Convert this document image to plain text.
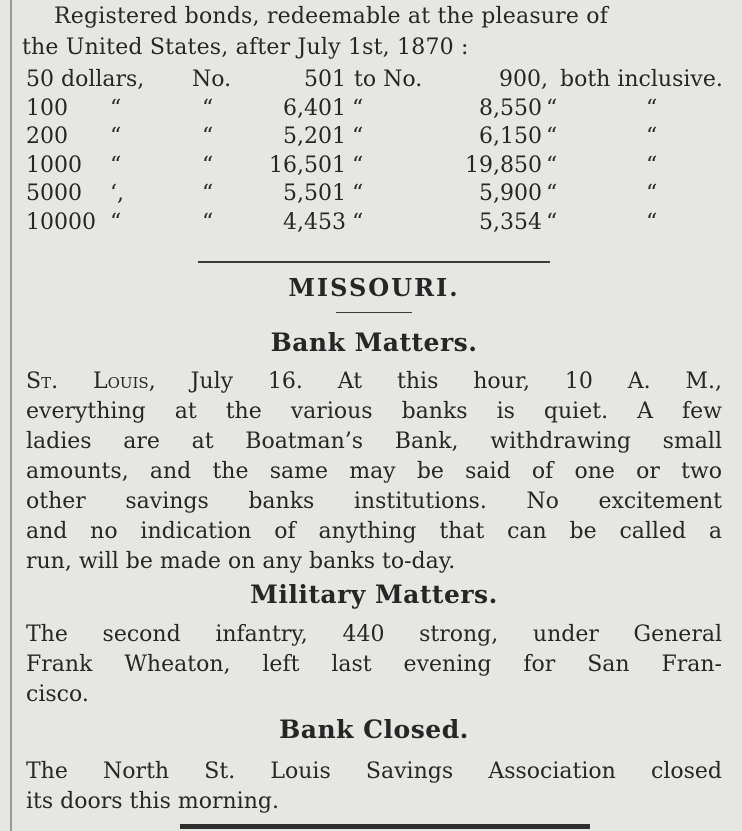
Registered bonds, redeemable at the pleasure of
the United States, after July 1st, 1870 :

50 dollars, No.	501 to No.	900, both inclusive.
100 “	“	6,401 “	8,550 “	“
200 “	“	5,201 “	6,150 “	“
1000 “	“	16,501 “	19,850 “	“
5000 ‘,	“	5,501 “	5,900 “	“
10000 “	“	4,453 “	5,354 “	“
MISSOURI.
Bank Matters.

St. Louis, July 16. At this hour, 10 A. M.,
everything at the various banks is quiet. A few
ladies are at Boatman’s Bank, withdrawing small
amounts, and the same may be said of one or two
other savings banks institutions. No excitement
and no indication of anything that can be called a
run, will be made on any banks to-day.

Military Matters.

The second infantry, 440 strong, under General
Frank Wheaton, left last evening for San Fran-
cisco.

Bank Closed.

The North St. Louis Savings Association closed
its doors this morning.
